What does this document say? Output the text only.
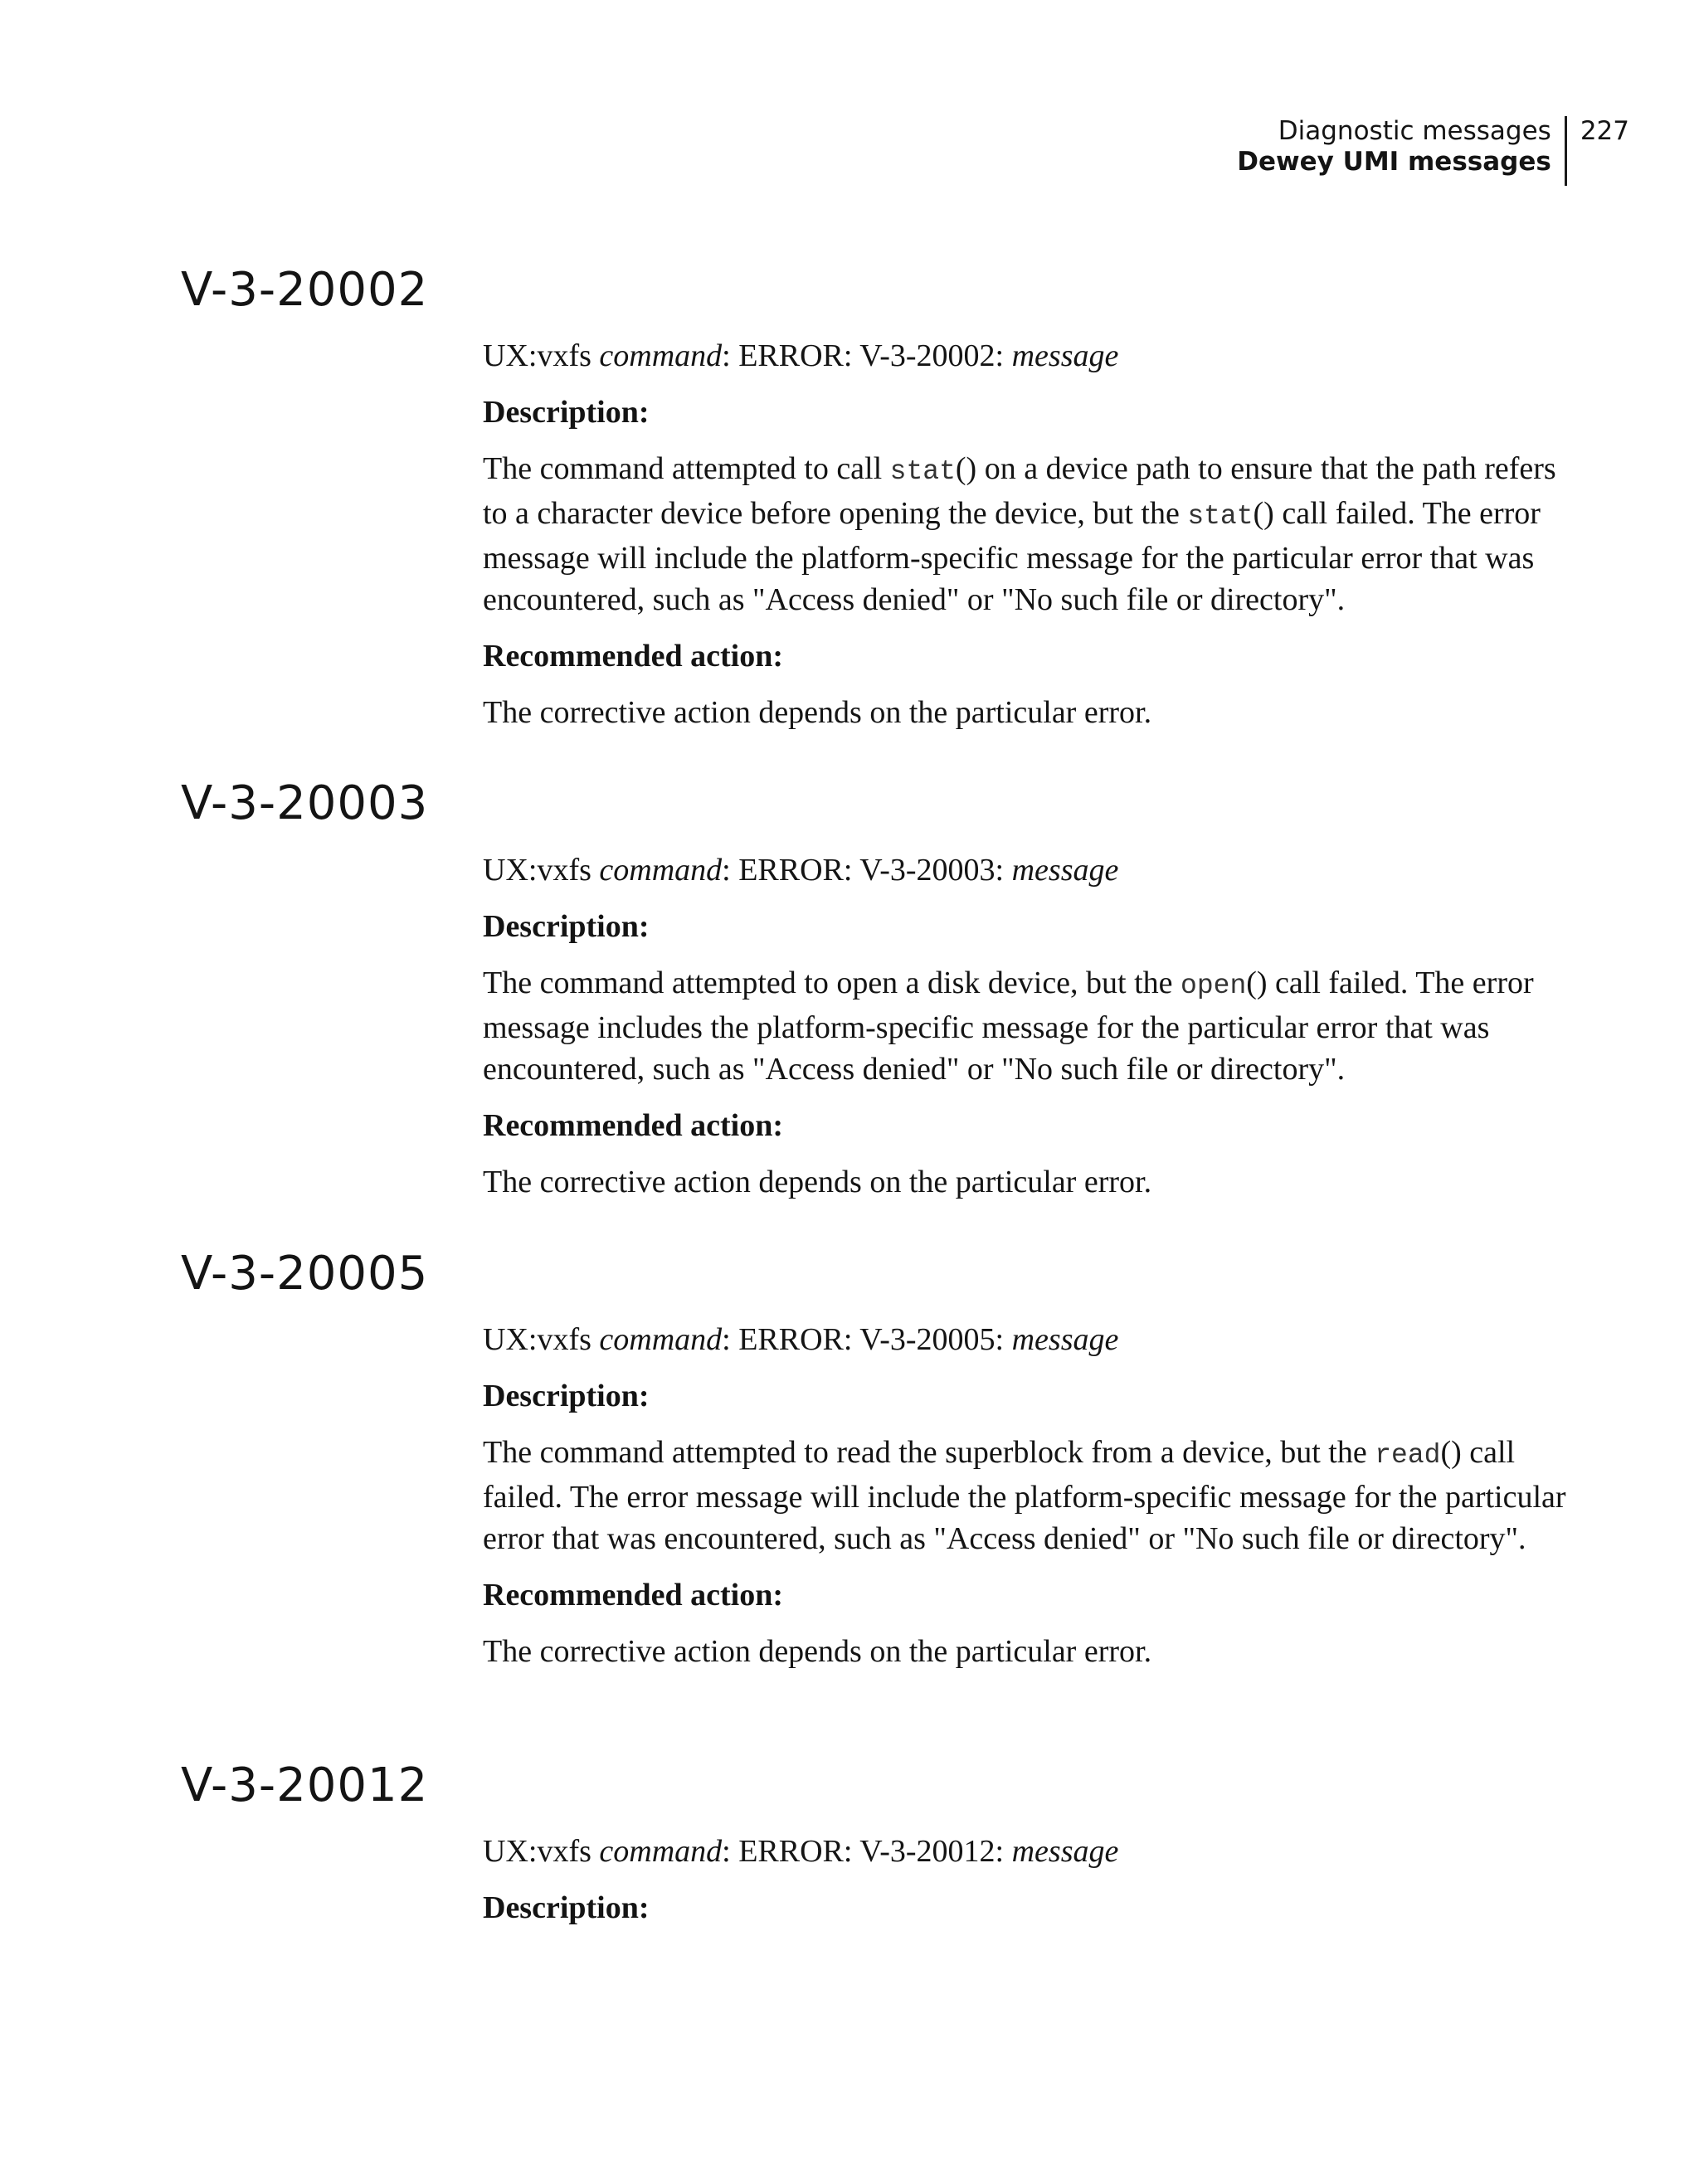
Diagnostic messages
Dewey UMI messages
227
V-3-20002

UX:vxfs command: ERROR: V-3-20002: message

Description:

The command attempted to call stat() on a device path to ensure that the path refers to a character device before opening the device, but the stat() call failed. The error message will include the platform-specific message for the particular error that was encountered, such as "Access denied" or "No such file or directory".

Recommended action:

The corrective action depends on the particular error.

V-3-20003

UX:vxfs command: ERROR: V-3-20003: message

Description:

The command attempted to open a disk device, but the open() call failed. The error message includes the platform-specific message for the particular error that was encountered, such as "Access denied" or "No such file or directory".

Recommended action:

The corrective action depends on the particular error.

V-3-20005

UX:vxfs command: ERROR: V-3-20005: message

Description:

The command attempted to read the superblock from a device, but the read() call failed. The error message will include the platform-specific message for the particular error that was encountered, such as "Access denied" or "No such file or directory".

Recommended action:

The corrective action depends on the particular error.

V-3-20012

UX:vxfs command: ERROR: V-3-20012: message

Description:
